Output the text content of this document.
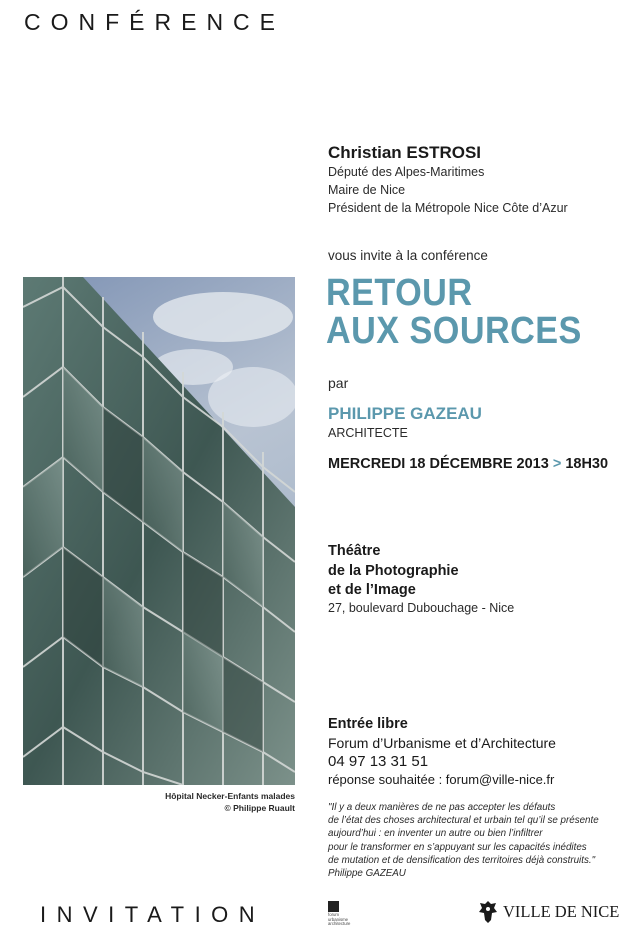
CONFÉRENCE
Christian ESTROSI
Député des Alpes-Maritimes
Maire de Nice
Président de la Métropole Nice Côte d’Azur
vous invite à la conférence
RETOUR
AUX SOURCES
par
PHILIPPE GAZEAU
ARCHITECTE
MERCREDI 18 DÉCEMBRE 2013 > 18H30
Théâtre
de la Photographie
et de l’Image
27, boulevard Dubouchage - Nice
Entrée libre
Forum d’Urbanisme et d’Architecture
04 97 13 31 51
réponse souhaitée : forum@ville-nice.fr
"Il y a deux manières de ne pas accepter les défauts
de l’état des choses architectural et urbain tel qu’il se présente
aujourd’hui : en inventer un autre ou bien l’infiltrer
pour le transformer en s’appuyant sur les capacités inédites
de mutation et de densification des territoires déjà construits."
Philippe GAZEAU
Hôpital Necker-Enfants malades
© Philippe Ruault
INVITATION	forum
urbanisme
architecture
VILLE DE NICE
